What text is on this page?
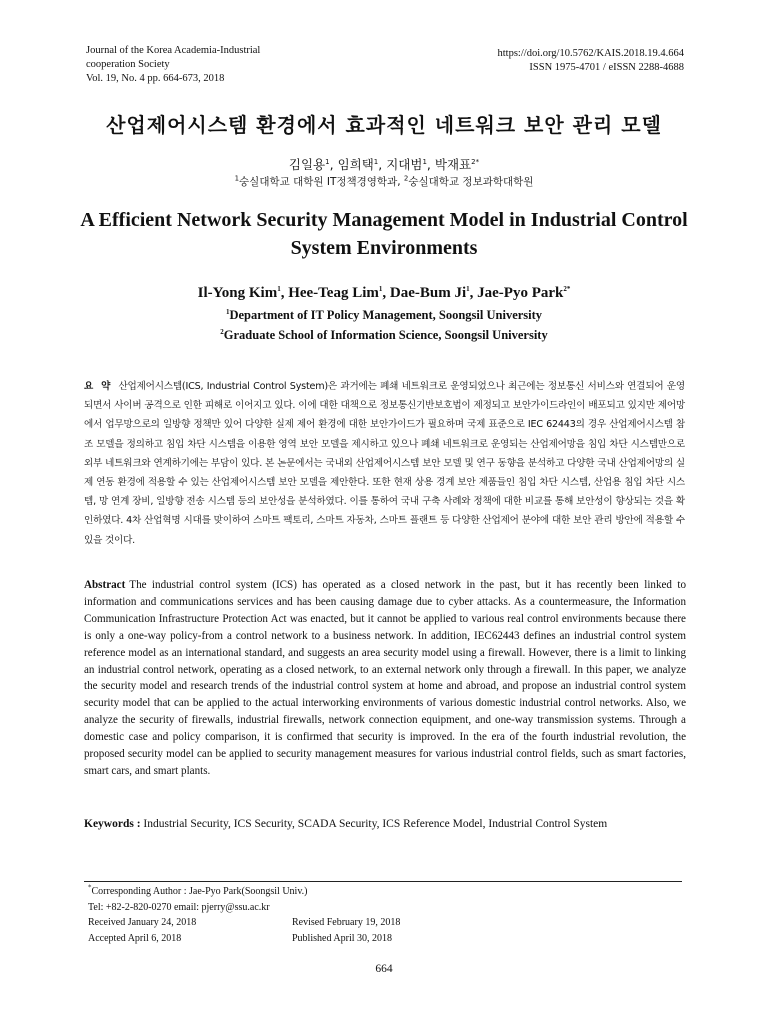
Journal of the Korea Academia-Industrial
cooperation Society
Vol. 19, No. 4 pp. 664-673, 2018
https://doi.org/10.5762/KAIS.2018.19.4.664
ISSN 1975-4701 / eISSN 2288-4688
산업제어시스템 환경에서 효과적인 네트워크 보안 관리 모델
김일용$^1$, 임희택$^1$, 지대범$^1$, 박재표$^{2*}$
$^1$숭실대학교 대학원 IT정책경영학과, $^2$숭실대학교 정보과학대학원
A Efficient Network Security Management Model in Industrial Control System Environments
Il-Yong Kim$^1$, Hee-Teag Lim$^1$, Dae-Bum Ji$^1$, Jae-Pyo Park$^{2*}$
$^1$Department of IT Policy Management, Soongsil University
$^2$Graduate School of Information Science, Soongsil University
요 약 산업제어시스템(ICS, Industrial Control System)은 과거에는 폐쇄 네트워크로 운영되었으나 최근에는 정보통신 서비스와 연결되어 운영되면서 사이버 공격으로 인한 피해로 이어지고 있다. 이에 대한 대책으로 정보통신기반보호법이 제정되고 보안가이드라인이 배포되고 있지만 제어망에서 업무망으로의 일방향 정책만 있어 다양한 실제 제어 환경에 대한 보안가이드가 필요하며 국제 표준으로 IEC 62443의 경우 산업제어시스템 참조 모델을 정의하고 침입 차단 시스템을 이용한 영역 보안 모델을 제시하고 있으나 폐쇄 네트워크로 운영되는 산업제어망을 침입 차단 시스템만으로 외부 네트워크와 연계하기에는 부담이 있다. 본 논문에서는 국내외 산업제어시스템 보안 모델 및 연구 동향을 분석하고 다양한 국내 산업제어망의 실제 연동 환경에 적용할 수 있는 산업제어시스템 보안 모델을 제안한다. 또한 현재 상용 경계 보안 제품들인 침입 차단 시스템, 산업용 침입 차단 시스템, 망 연계 장비, 일방향 전송 시스템 등의 보안성을 분석하였다. 이를 통하여 국내 구축 사례와 정책에 대한 비교를 통해 보안성이 향상되는 것을 확인하였다. 4차 산업혁명 시대를 맞이하여 스마트 팩토리, 스마트 자동차, 스마트 플랜트 등 다양한 산업제어 분야에 대한 보안 관리 방안에 적용할 수 있을 것이다.
Abstract The industrial control system (ICS) has operated as a closed network in the past, but it has recently been linked to information and communications services and has been causing damage due to cyber attacks. As a countermeasure, the Information Communication Infrastructure Protection Act was enacted, but it cannot be applied to various real control environments because there is only a one-way policy-from a control network to a business network. In addition, IEC62443 defines an industrial control system reference model as an international standard, and suggests an area security model using a firewall. However, there is a limit to linking an industrial control network, operating as a closed network, to an external network only through a firewall. In this paper, we analyze the security model and research trends of the industrial control system at home and abroad, and propose an industrial control system security model that can be applied to the actual interworking environments of various domestic industrial control networks. Also, we analyze the security of firewalls, industrial firewalls, network connection equipment, and one-way transmission systems. Through a domestic case and policy comparison, it is confirmed that security is improved. In the era of the fourth industrial revolution, the proposed security model can be applied to security management measures for various industrial control fields, such as smart factories, smart cars, and smart plants.
Keywords : Industrial Security, ICS Security, SCADA Security, ICS Reference Model, Industrial Control System
*Corresponding Author : Jae-Pyo Park(Soongsil Univ.)
Tel: +82-2-820-0270 email: pjerry@ssu.ac.kr
Received January 24, 2018	Revised February 19, 2018
Accepted April 6, 2018	Published April 30, 2018
664
